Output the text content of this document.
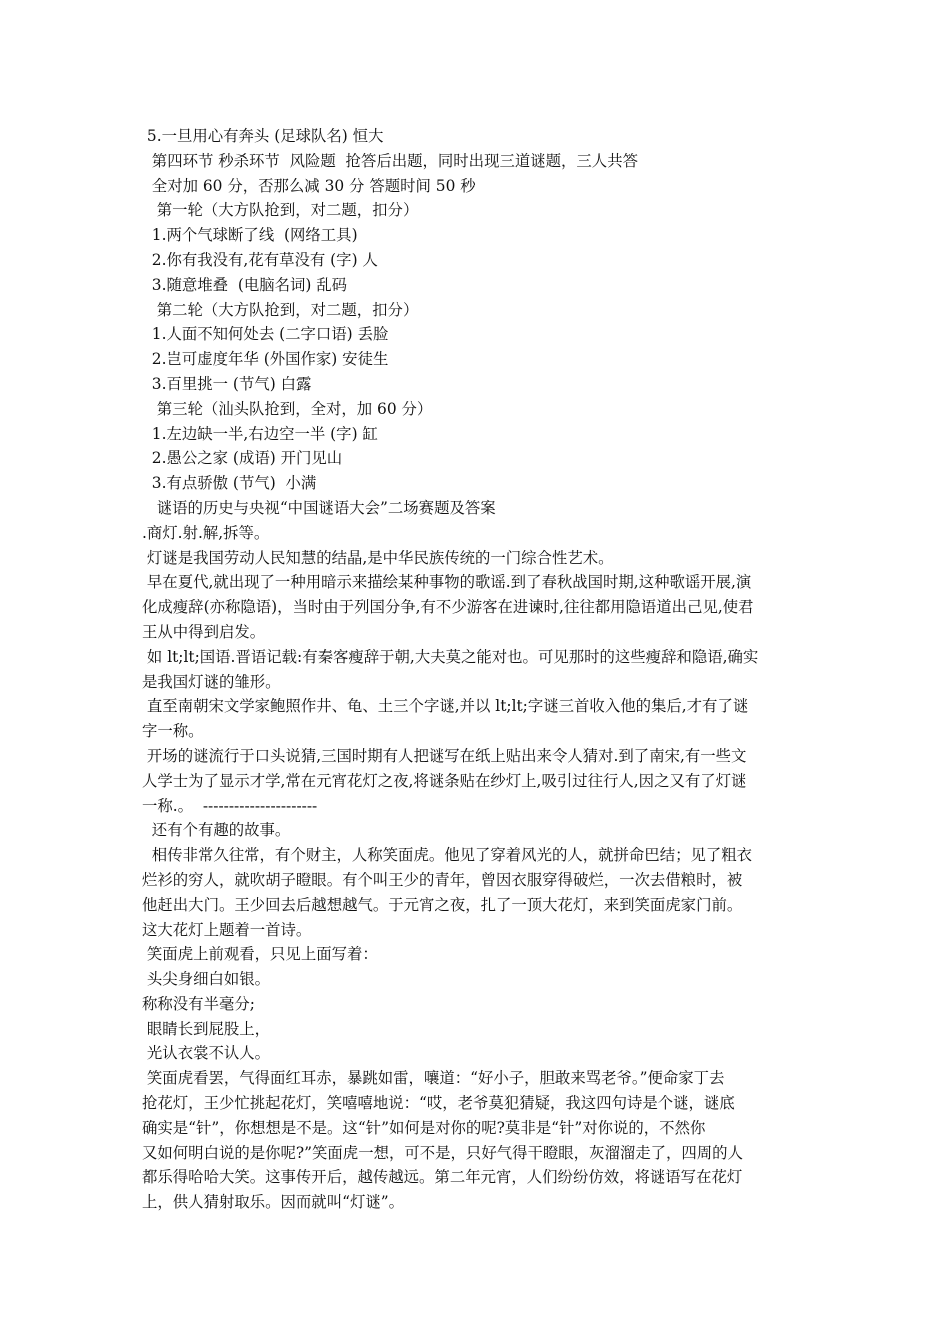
5.一旦用心有奔头 (足球队名) 恒大

第四环节 秒杀环节  风险题  抢答后出题，同时出现三道谜题，三人共答

全对加 60 分，否那么减 30 分 答题时间 50 秒

第一轮（大方队抢到，对二题，扣分）

1.两个气球断了线  (网络工具)

2.你有我没有,花有草没有 (字) 人

3.随意堆叠  (电脑名词) 乱码

第二轮（大方队抢到，对二题，扣分）

1.人面不知何处去 (二字口语) 丢脸

2.岂可虚度年华 (外国作家) 安徒生

3.百里挑一 (节气) 白露

第三轮（汕头队抢到，全对，加 60 分）

1.左边缺一半,右边空一半 (字) 缸

2.愚公之家 (成语) 开门见山

3.有点骄傲 (节气)  小满

谜语的历史与央视“中国谜语大会”二场赛题及答案

.商灯.射.解,拆等。

灯谜是我国劳动人民知慧的结晶,是中华民族传统的一门综合性艺术。

早在夏代,就出现了一种用暗示来描绘某种事物的歌谣.到了春秋战国时期,这种歌谣开展,演
化成瘦辞(亦称隐语)，当时由于列国分争,有不少游客在进谏时,往往都用隐语道出己见,使君
王从中得到启发。

如 lt;lt;国语.晋语记载:有秦客瘦辞于朝,大夫莫之能对也。可见那时的这些瘦辞和隐语,确实
是我国灯谜的雏形。

直至南朝宋文学家鲍照作井、龟、土三个字谜,并以 lt;lt;字谜三首收入他的集后,才有了谜
字一称。

开场的谜流行于口头说猜,三国时期有人把谜写在纸上贴出来令人猜对.到了南宋,有一些文
人学士为了显示才学,常在元宵花灯之夜,将谜条贴在纱灯上,吸引过往行人,因之又有了灯谜
一称.。  ----------------------

还有个有趣的故事。

相传非常久往常，有个财主，人称笑面虎。他见了穿着风光的人，就拼命巴结；见了粗衣
烂衫的穷人，就吹胡子瞪眼。有个叫王少的青年，曾因衣服穿得破烂，一次去借粮时，被
他赶出大门。王少回去后越想越气。于元宵之夜，扎了一顶大花灯，来到笑面虎家门前。
这大花灯上题着一首诗。

笑面虎上前观看，只见上面写着：

头尖身细白如银。

称称没有半毫分;

眼睛长到屁股上，

光认衣裳不认人。

笑面虎看罢，气得面红耳赤，暴跳如雷，嚷道：“好小子，胆敢来骂老爷。”便命家丁去
抢花灯，王少忙挑起花灯，笑嘻嘻地说：“哎，老爷莫犯猜疑，我这四句诗是个谜，谜底
确实是“针”，你想想是不是。这“针”如何是对你的呢?莫非是“针”对你说的，不然你
又如何明白说的是你呢?”笑面虎一想，可不是，只好气得干瞪眼，灰溜溜走了，四周的人
都乐得哈哈大笑。这事传开后，越传越远。第二年元宵，人们纷纷仿效，将谜语写在花灯
上，供人猜射取乐。因而就叫“灯谜”。
